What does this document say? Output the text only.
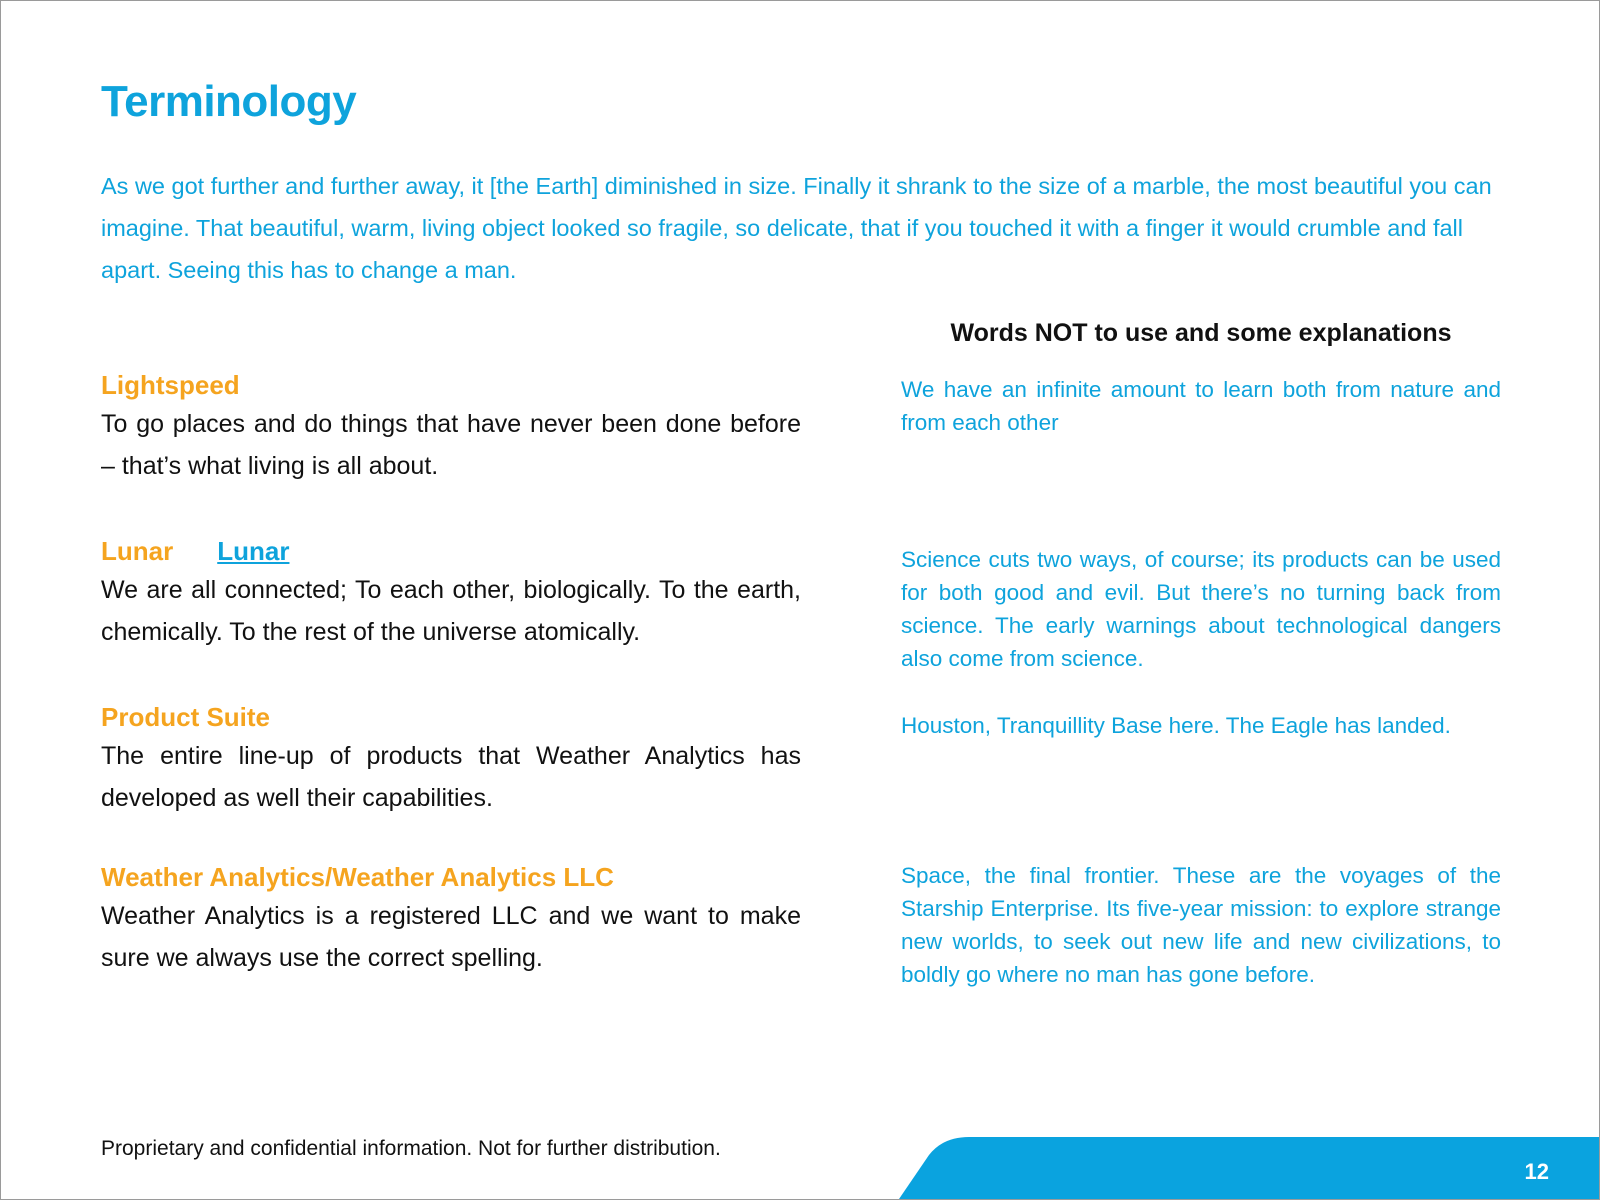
Terminology
As we got further and further away, it [the Earth] diminished in size. Finally it shrank to the size of a marble, the most beautiful you can imagine. That beautiful, warm, living object looked so fragile, so delicate, that if you touched it with a finger it would crumble and fall apart. Seeing this has to change a man.
Words NOT to use and some explanations
Lightspeed
To go places and do things that have never been done before – that’s what living is all about.
Lunar Lunar
We are all connected; To each other, biologically. To the earth, chemically. To the rest of the universe atomically.
Product Suite
The entire line-up of products that Weather Analytics has developed as well their capabilities.
Weather Analytics/Weather Analytics LLC
Weather Analytics is a registered LLC and we want to make sure we always use the correct spelling.
We have an infinite amount to learn both from nature and from each other
Science cuts two ways, of course; its products can be used for both good and evil. But there’s no turning back from science. The early warnings about technological dangers also come from science.
Houston, Tranquillity Base here. The Eagle has landed.
Space, the final frontier. These are the voyages of the Starship Enterprise. Its five-year mission: to explore strange new worlds, to seek out new life and new civilizations, to boldly go where no man has gone before.
Proprietary and confidential information. Not for further distribution.
12
